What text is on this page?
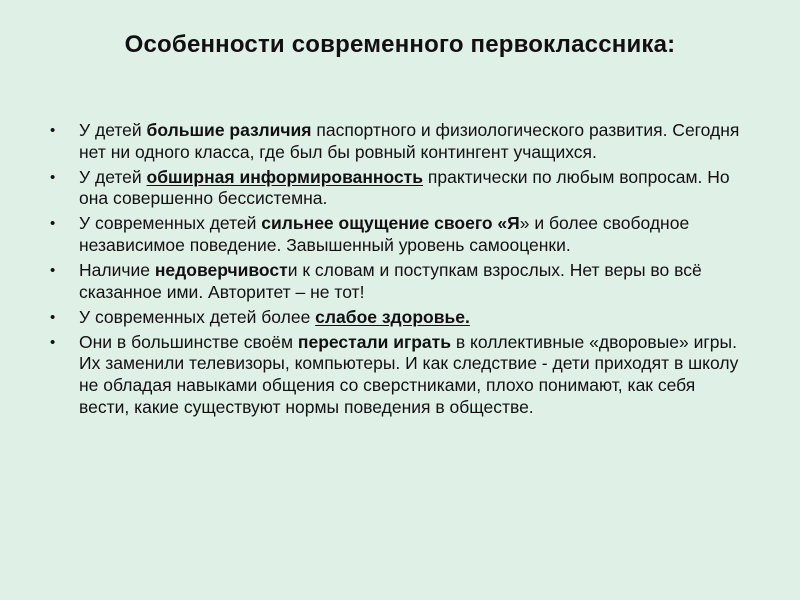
Особенности современного первоклассника:
• У детей большие различия паспортного и физиологического развития. Сегодня нет ни одного класса, где был бы ровный контингент учащихся.
• У детей обширная информированность практически по любым вопросам. Но она совершенно бессистемна.
• У современных детей сильнее ощущение своего «Я» и более свободное независимое поведение. Завышенный уровень самооценки.
• Наличие недоверчивости к словам и поступкам взрослых. Нет веры во всё сказанное ими. Авторитет – не тот!
• У современных детей более слабое здоровье.
• Они в большинстве своём перестали играть в коллективные «дворовые» игры. Их заменили телевизоры, компьютеры. И как следствие - дети приходят в школу не обладая навыками общения со сверстниками, плохо понимают, как себя вести, какие существуют нормы поведения в обществе.
